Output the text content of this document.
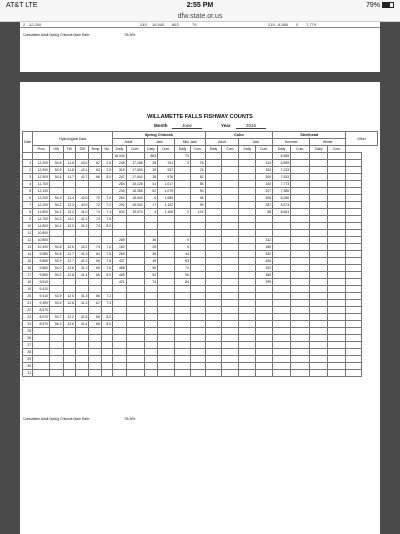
AT&T LTE	2:55 PM	79%
dfw.state.or.us
2 12,200	245 16,940 863	79	215 6,585 0 7,779
Cumulative Adult Spring Chinook Mark Rate:	78.5%
WILLAMETTE FALLS FISHWAY COUNTS
Month	June	Year	2016
Date	Hydrological Data						Spring Chinook						Coho				Steelhead				Other
							Adult		Jack		Mini Jack		Adult		Jack		Summer		Winter		
	Flow	HW	TW	Diff	Temp	Vis.	Daily	Cum.	Daily	Cum.	Daily	Cum.	Daily	Cum.	Daily	Cum.	Daily	Cum.	Daily	Cum.	
							16,940		863		73						6,585				
1	12,200	54.8	11.6	43.0	62	2.6	248	17,188	28	911	3	76				314	6,899				
2	12,900	54.9	11.8	43.1	63	2.5	315	17,503	26	937		76				334	7,233				
3	12,500	54.4	11.7	42.7	66	8.0	247	17,842	38	976		82				300	7,533				
4	11,700						284	18,126	41	1,017		85				240	7,773				
5	12,100						230	18,356	62	1,079		93				207	7,980				
6	12,200	54.3	13.4	40.9	70	7.0	284	18,640	6	1,085		95				306	8,286				
7	12,100	54.2	13.3	40.9	72	7.2	292	18,932	17	1,102		99				287	8,573				
8	11,800	54.2	13.2	41.0	74	7.4	832	19,074	4	1,106	2	102				88	8,661				
9	11,700	54.3	13.1	41.2	74	7.6															
10	11,800	54.2	13.0	41.2	74	8.0															
11	10,800																				
12	10,800						289		36		9					312					
13	10,400	54.8	12.6	42.2	74	7.6	160		25		5					180					
14	9,980	54.8	12.7	41.3	64	7.8	269		36		44					332					
15	9,860	53.9	12.7	41.2	65	7.8	437		49		63					456					
16	9,860	54.0	12.8	41.2	65	7.8	488		55		74					392					
17	9,860	54.2	12.8	41.4	65	8.0	465		52		90					365					
18	9,510						421		74		84					299					
19	9,410																				
20	9,410	53.9	12.6	41.3	66	7.2															
21	9,390	53.9	12.6	41.3	67	7.3															
22	8,570																				
23	8,570	53.7	12.2	41.5	68	8.0															
24	8,570	56.3	12.6	41.4	68	8.0															
25																					
26																					
27																					
28																					
29																					
30																					
31																					
Cumulative Adult Spring Chinook Mark Rate:	78.5%
